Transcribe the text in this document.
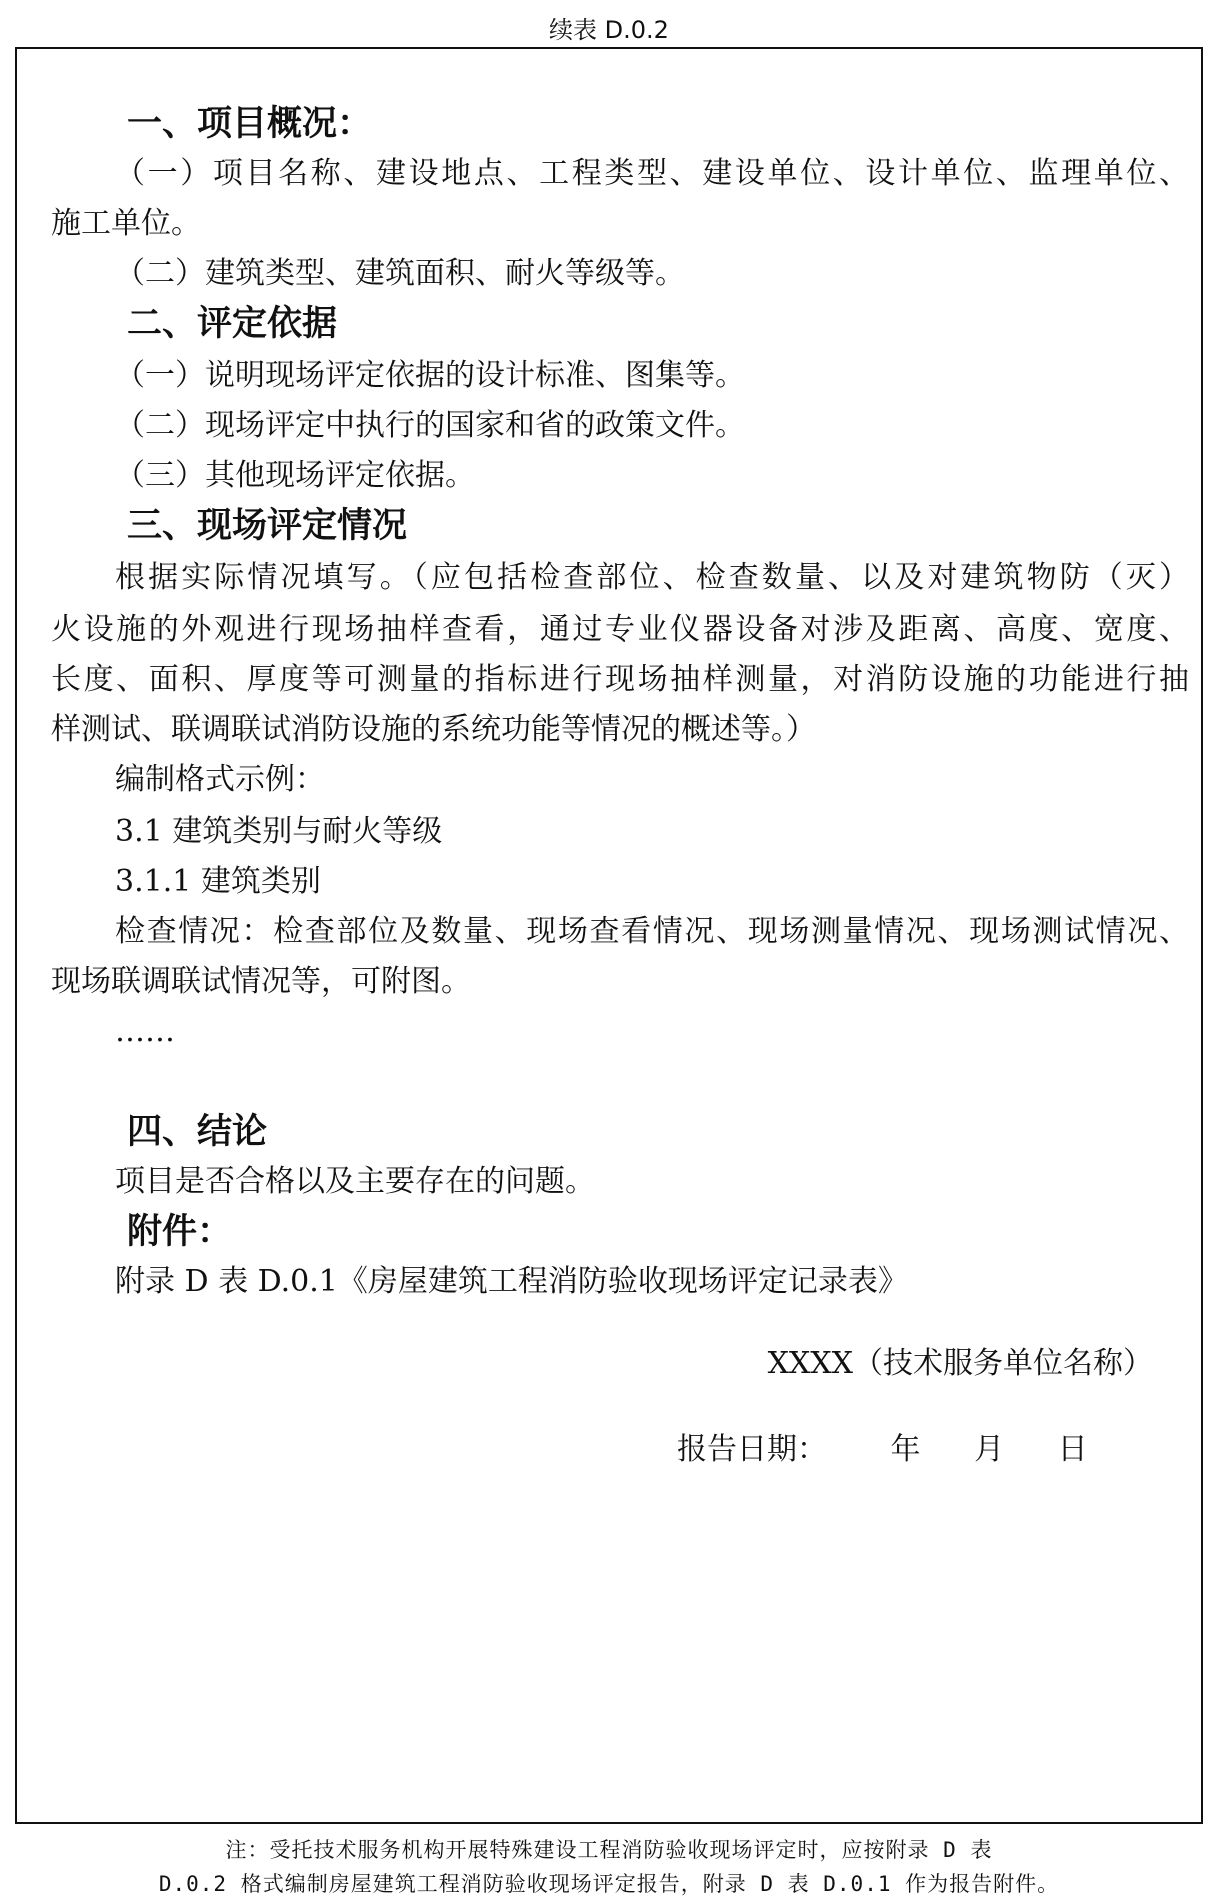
续表 D.0.2
一、项目概况：
（一）项目名称、建设地点、工程类型、建设单位、设计单位、监理单位、
施工单位。
（二）建筑类型、建筑面积、耐火等级等。
二、评定依据
（一）说明现场评定依据的设计标准、图集等。
（二）现场评定中执行的国家和省的政策文件。
（三）其他现场评定依据。
三、现场评定情况
根据实际情况填写。（应包括检查部位、检查数量、以及对建筑物防（灭）
火设施的外观进行现场抽样查看，通过专业仪器设备对涉及距离、高度、宽度、
长度、面积、厚度等可测量的指标进行现场抽样测量，对消防设施的功能进行抽
样测试、联调联试消防设施的系统功能等情况的概述等。）
编制格式示例：
3.1 建筑类别与耐火等级
3.1.1 建筑类别
检查情况：检查部位及数量、现场查看情况、现场测量情况、现场测试情况、
现场联调联试情况等，可附图。
……
四、结论
项目是否合格以及主要存在的问题。
附件：
附录 D 表 D.0.1《房屋建筑工程消防验收现场评定记录表》
XXXX（技术服务单位名称）
报告日期： 年 月 日
注：受托技术服务机构开展特殊建设工程消防验收现场评定时，应按附录 D 表
D.0.2 格式编制房屋建筑工程消防验收现场评定报告，附录 D 表 D.0.1 作为报告附件。
